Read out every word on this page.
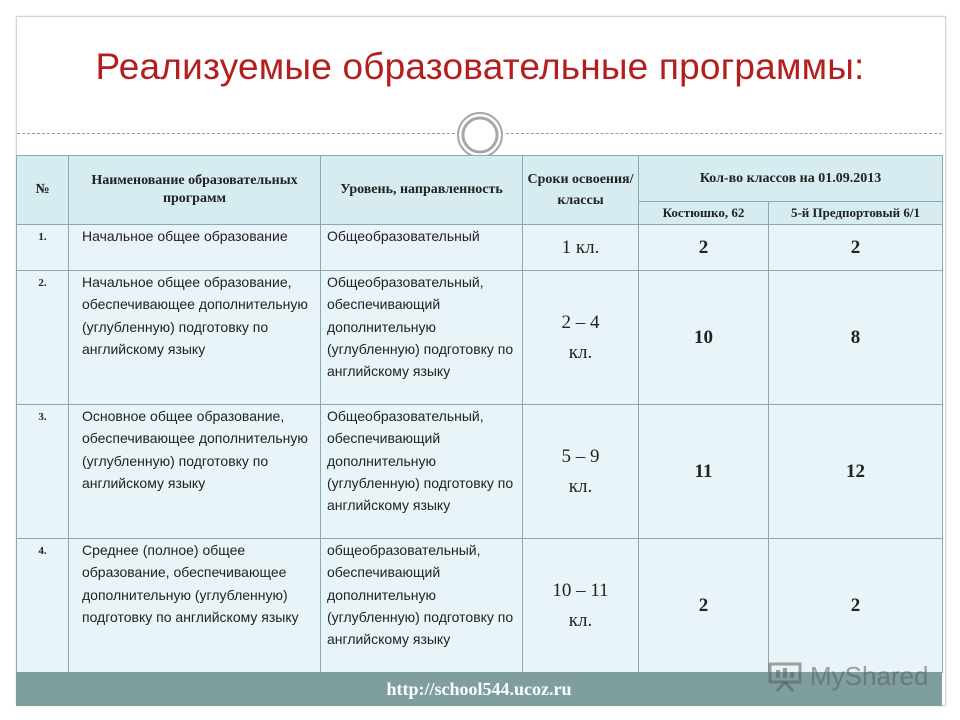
Реализуемые образовательные программы:
№	Наименование образовательных программ	Уровень, направленность	Сроки освоения/ классы	Кол-во классов на 01.09.2013	
				Костюшко, 62	5-й Предпортовый 6/1
1.	Начальное общее образование	Общеобразовательный	1 кл.	2	2
2.	Начальное общее образование, обеспечивающее дополнительную (углубленную) подготовку по английскому языку	Общеобразовательный, обеспечивающий дополнительную (углубленную) подготовку по английскому языку	2 – 4 кл.	10	8
3.	Основное общее образование, обеспечивающее дополнительную (углубленную) подготовку по английскому языку	Общеобразовательный, обеспечивающий дополнительную (углубленную) подготовку по английскому языку	5 – 9 кл.	11	12
4.	Среднее (полное) общее образование, обеспечивающее дополнительную (углубленную) подготовку по английскому языку	общеобразовательный, обеспечивающий дополнительную (углубленную) подготовку по английскому языку	10 – 11 кл.	2	2
http://school544.ucoz.ru	MyShared
